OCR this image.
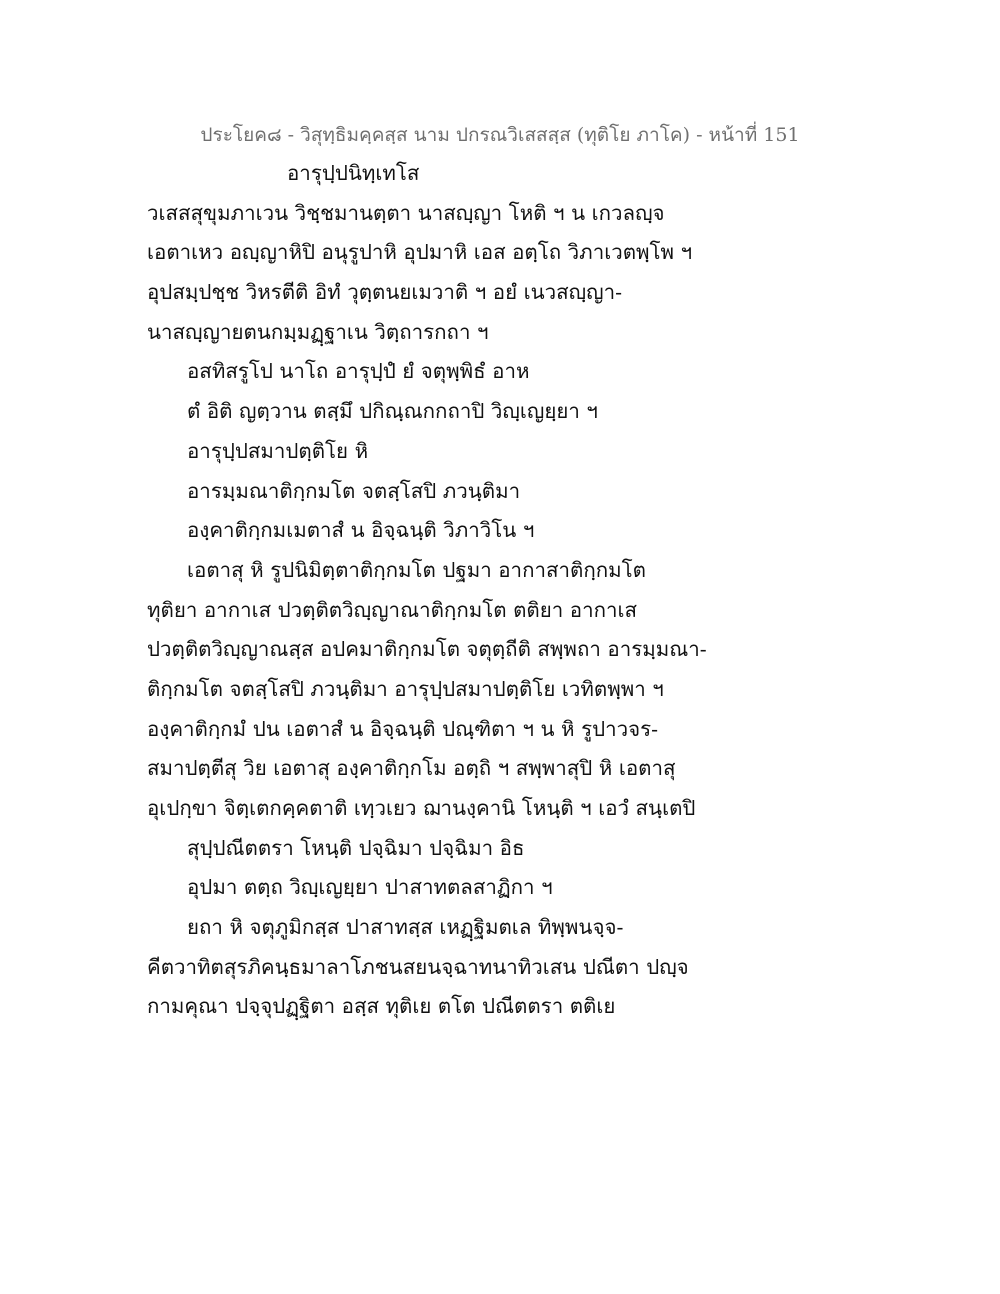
ประโยค๘ - วิสุทฺธิมคฺคสฺส นาม ปกรณวิเสสสฺส (ทุติโย ภาโค) - หน้าที่ 151
อารุปฺปนิทฺเทโส
วเสสสุขุมภาเวน วิชฺชมานตฺตา นาสญฺญา โหติ ฯ น เกวลญฺจ
เอตาเหว อญฺญาหิปิ อนุรูปาหิ อุปมาหิ เอส อตฺโถ วิภาเวตพฺโพ ฯ
อุปสมฺปชฺช วิหรตีติ อิทํ วุตฺตนยเมวาติ ฯ อยํ เนวสญฺญา-
นาสญฺญายตนกมฺมฏฺฐาเน วิตฺถารกถา ฯ
อสทิสรูโป นาโถ อารุปฺปํ ยํ จตุพฺพิธํ อาห
ตํ อิติ ญตฺวาน ตสฺมึ ปกิณฺณกกถาปิ วิญฺเญยฺยา ฯ
อารุปฺปสมาปตฺติโย หิ
อารมฺมณาติกฺกมโต จตสฺโสปิ ภวนฺติมา
องฺคาติกฺกมเมตาสํ น อิจฺฉนฺติ วิภาวิโน ฯ
เอตาสุ หิ รูปนิมิตฺตาติกฺกมโต ปฐมา อากาสาติกฺกมโต
ทุติยา อากาเส ปวตฺติตวิญฺญาณาติกฺกมโต ตติยา อากาเส
ปวตฺติตวิญฺญาณสฺส อปคมาติกฺกมโต จตุตฺถีติ สพฺพถา อารมฺมณา-
ติกฺกมโต จตสฺโสปิ ภวนฺติมา อารุปฺปสมาปตฺติโย เวทิตพฺพา ฯ
องฺคาติกฺกมํ ปน เอตาสํ น อิจฺฉนฺติ ปณฺฑิตา ฯ น หิ รูปาวจร-
สมาปตฺตีสุ วิย เอตาสุ องฺคาติกฺกโม อตฺถิ ฯ สพฺพาสุปิ หิ เอตาสุ
อุเปกฺขา จิตฺเตกคฺคตาติ เทฺวเยว ฌานงฺคานิ โหนฺติ ฯ เอวํ สนฺเตปิ
สุปฺปณีตตรา โหนฺติ ปจฺฉิมา ปจฺฉิมา อิธ
อุปมา ตตฺถ วิญฺเญยฺยา ปาสาทตลสาฏิกา ฯ
ยถา หิ จตุภูมิกสฺส ปาสาทสฺส เหฏฺฐิมตเล ทิพฺพนจฺจ-
คีตวาทิตสุรภิคนฺธมาลาโภชนสยนจฺฉาทนาทิวเสน ปณีตา ปญฺจ
กามคุณา ปจฺจุปฏฺฐิตา อสฺส ทุติเย ตโต ปณีตตรา ตติเย
